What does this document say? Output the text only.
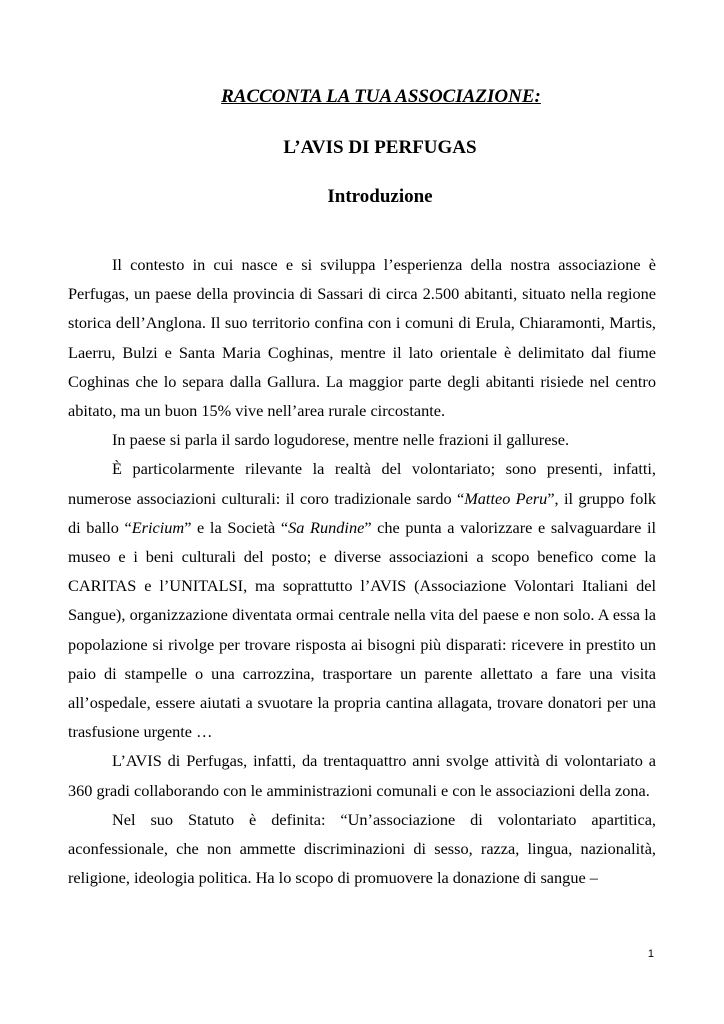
RACCONTA LA TUA ASSOCIAZIONE:
L’AVIS DI PERFUGAS
Introduzione

Il contesto in cui nasce e si sviluppa l’esperienza della nostra associazione è Perfugas, un paese della provincia di Sassari di circa 2.500 abitanti, situato nella regione storica dell’Anglona. Il suo territorio confina con i comuni di Erula, Chiaramonti, Martis, Laerru, Bulzi e Santa Maria Coghinas, mentre il lato orientale è delimitato dal fiume Coghinas che lo separa dalla Gallura. La maggior parte degli abitanti risiede nel centro abitato, ma un buon 15% vive nell’area rurale circostante.

In paese si parla il sardo logudorese, mentre nelle frazioni il gallurese.

È particolarmente rilevante la realtà del volontariato; sono presenti, infatti, numerose associazioni culturali: il coro tradizionale sardo “Matteo Peru”, il gruppo folk di ballo “Ericium” e la Società “Sa Rundine” che punta a valorizzare e salvaguardare il museo e i beni culturali del posto; e diverse associazioni a scopo benefico come la CARITAS e l’UNITALSI, ma soprattutto l’AVIS (Associazione Volontari Italiani del Sangue), organizzazione diventata ormai centrale nella vita del paese e non solo. A essa la popolazione si rivolge per trovare risposta ai bisogni più disparati: ricevere in prestito un paio di stampelle o una carrozzina, trasportare un parente allettato a fare una visita all’ospedale, essere aiutati a svuotare la propria cantina allagata, trovare donatori per una trasfusione urgente …

L’AVIS di Perfugas, infatti, da trentaquattro anni svolge attività di volontariato a 360 gradi collaborando con le amministrazioni comunali e con le associazioni della zona.

Nel suo Statuto è definita: “Un’associazione di volontariato apartitica, aconfessionale, che non ammette discriminazioni di sesso, razza, lingua, nazionalità, religione, ideologia politica. Ha lo scopo di promuovere la donazione di sangue –

1
